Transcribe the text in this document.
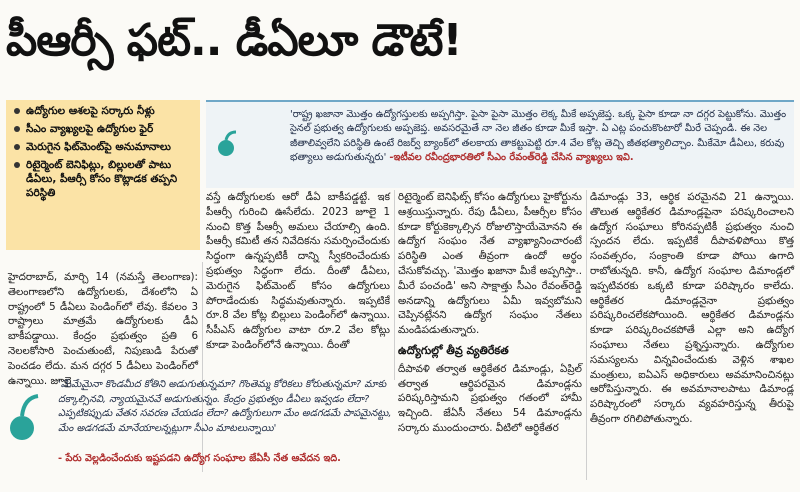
పీఆర్సీ ఫట్.. డీఏలూ డౌటే!
ఉద్యోగుల ఆశలపై సర్కారు నీళ్లు
సీఎం వ్యాఖ్యలపై ఉద్యోగుల ఫైర్
మెరుగైన ఫిట్‌మెంట్‌పై అనుమానాలు
రిటైర్మెంట్ బెనిఫిట్లు, బిల్లులతో పాటు డీఏలు, పీఆర్సీ కోసం కొట్లాడక తప్పని పరిస్థితి
'రాష్ట్ర ఖజానా మొత్తం ఉద్యోగస్తులకు అప్పగిస్తా. పైసా పైసా మొత్తం లెక్క మీకే అప్పజెప్త. ఒక్క పైసా కూడా నా దగ్గర పెట్టుకోను. మొత్తం సైనల్ ప్రభుత్వ ఉద్యోగులకు అప్పజెప్త. అవసరమైతే నా నెల జీతం కూడా మీకే ఇస్తా. ఏ ఎట్ల పంచుకొంటారో మీరే చెప్పండి. ఈ నెల జీతాలివ్వలేని పరిస్థితి ఉంటే రిజర్వ్ బ్యాంక్‌లో తలకాయ తాకట్టుపెట్టి రూ.4 వేల కోట్ల తెచ్చి జీతభత్యాలిచ్చాం. మీకేమో డీఏలు, కరువు భత్యాలు అడుగుతున్నరు' -ఇటీవల రవీంద్రభారతిలో సీఎం రేవంత్‌రెడ్డి చేసిన వ్యాఖ్యలు ఇవి.
హైదరాబాద్, మార్చి 14 (నమస్తే తెలంగాణ): తెలంగాణలోని ఉద్యోగులకు, దేశంలోని ఏ రాష్ట్రంలో 5 డీఏలు పెండింగ్‌లో లేవు. కేవలం 3 రాష్ట్రాలు మాత్రమే ఉద్యోగులకు డీఏ బాకీపడ్డాయి. కేంద్రం ప్రభుత్వం ప్రతి 6 నెలలకోసారి పెంచుతుంటే, నిపుణుడి పేరుతో పెంచడం లేదు. మన దగ్గర 5 డీఏలు పెండింగ్‌లో ఉన్నాయి. జూలై
వస్తే ఉద్యోగులకు ఆరో డీఏ బాకీపడ్డట్టే. ఇక పీఆర్సీ గురించి ఊసేలేదు. 2023 జూలై 1 నుంచి కొత్త పీఆర్సీ అమలు చేయాల్సి ఉంది. పీఆర్సీ కమిటీ తన నివేదికను సమర్పించేందుకు సిద్ధంగా ఉన్నప్పటికీ దాన్ని స్వీకరించేందుకు ప్రభుత్వం సిద్ధంగా లేదు. దీంతో డీఏలు, మెరుగైన ఫిట్‌మెంట్ కోసం ఉద్యోగులు పోరాడేందుకు సిద్ధమవుతున్నారు. ఇప్పటికే రూ.8 వేల కోట్ల బిల్లులు పెండింగ్‌లో ఉన్నాయి. సీపీఎస్ ఉద్యోగుల వాటా రూ.2 వేల కోట్లు కూడా పెండింగ్‌లోనే ఉన్నాయి. దీంతో
రిటైర్మెంట్ బెనిఫిట్స్ కోసం ఉద్యోగులు హైకోర్టును ఆశ్రయిస్తున్నారు. రేపు డీఏలు, పీఆర్సీల కోసం కూడా కోర్టుకెక్కాల్సిన రోజులొస్తాయేమోనని ఈ ఉద్యోగ సంఘం నేత వ్యాఖ్యానించారంటే పరిస్థితి ఎంత తీవ్రంగా ఉందో అర్థం చేసుకోవచ్చు. 'మొత్తం ఖజానా మీకే అప్పగిస్తా.. మీరే పంచండి' అని సాక్షాత్తు సీఎం రేవంత్‌రెడ్డి అనడాన్ని ఉద్యోగులు ఏమీ ఇవ్వబోమని చెప్పినట్లేనని ఉద్యోగ సంఘం నేతలు మండిపడుతున్నారు.
ఉద్యోగుల్లో తీవ్ర వ్యతిరేకత
దీపావళి తర్వాత ఆర్థికేతర డిమాండ్లు, ఏప్రిల్ తర్వాత ఆర్థిపరమైన డిమాండ్లను పరిష్కరిస్తామని ప్రభుత్వం గతంలో హామీ ఇచ్చింది. జేఏసీ నేతలు 54 డిమాండ్లను సర్కారు ముందుంచారు. వీటిలో ఆర్థికేతర
డిమాండ్లు 33, ఆర్థిక పరమైనవి 21 ఉన్నాయి. తొలుత ఆర్థికేతర డిమాండ్లపైనా పరిష్కరించాలని ఉద్యోగ సంఘాలు కోరినప్పటికీ ప్రభుత్వం నుంచి స్పందన లేదు. ఇప్పటికే దీపావళిపోయి కొత్త సంవత్సరం, సంక్రాంతి కూడా పోయి ఉగాది రాబోతున్నది. కానీ, ఉద్యోగ సంఘాల డిమాండ్లలో ఇప్పటివరకు ఒక్కటి కూడా పరిష్కారం కాలేదు. ఆర్థికేతర డిమాండ్లనైనా ప్రభుత్వం పరిష్కరించలేకపోయింది. ఆర్థికేతర డిమాండ్లను కూడా పరిష్కరించకపోతే ఎల్లా అని ఉద్యోగ సంఘాలు నేతలు ప్రశ్నిస్తున్నారు. ఉద్యోగుల సమస్యలను విన్నవించేందుకు వెళ్లిన శాఖల మంత్రులు, ఐఏఎస్ అధికారులు అవమానించినట్లు ఆరోపిస్తున్నారు. ఈ అవమానాలపాటు డిమాండ్ల పరిష్కారంలో సర్కారు వ్యవహరిస్తున్న తీరుపై తీవ్రంగా రగిలిపోతున్నారు.
'మేమేమైనా కొండమీద కోతిని అడుగుతున్నమా? గొంతెమ్మ కోరికలు కోరుతున్నమా? మాకు దక్కాల్సినవి, న్యాయమైనవే అడుగుతున్నం. కేంద్రం ప్రభుత్వం డీఏలు ఇవ్వడం లేదా? ఎప్పటికప్పుడు వేతన సవరణ చేయడం లేదా? ఉద్యోగులుగా మేం అడగడమే పాపమైనట్టు, మేం అడగడమే మానేయాలన్నట్లుగా సీఎం మాటలున్నాయి'
- పేరు వెల్లడించేందుకు ఇష్టపడని ఉద్యోగ సంఘాల జేఏసీ నేత ఆవేదన ఇది.
